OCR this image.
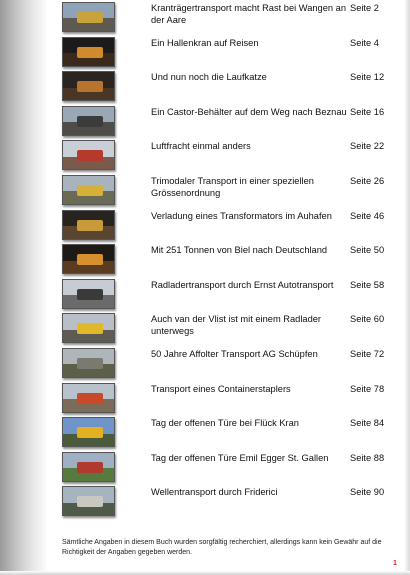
Kranträgertransport macht Rast bei Wangen an der Aare
Seite 2
Ein Hallenkran auf Reisen	Seite 4
Und nun noch die Laufkatze	Seite 12
Ein Castor-Behälter auf dem Weg nach Beznau Seite 16
Luftfracht einmal anders	Seite 22
Trimodaler Transport in einer speziellen Grössenordnung
Seite 26
Verladung eines Transformators im Auhafen	Seite 46
Mit 251 Tonnen von Biel nach Deutschland	Seite 50
Radladertransport durch Ernst Autotransport	Seite 58
Auch van der Vlist ist mit einem Radlader unterwegs
Seite 60
50 Jahre Affolter Transport AG Schüpfen	Seite 72
Transport eines Containerstaplers	Seite 78
Tag der offenen Türe bei Flück Kran	Seite 84
Tag der offenen Türe Emil Egger St. Gallen	Seite 88
Wellentransport durch Friderici	Seite 90
Sämtliche Angaben in diesem Buch wurden sorgfältig recherchiert, allerdings kann kein Gewähr auf die Richtigkeit der Angaben gegeben werden.
1
